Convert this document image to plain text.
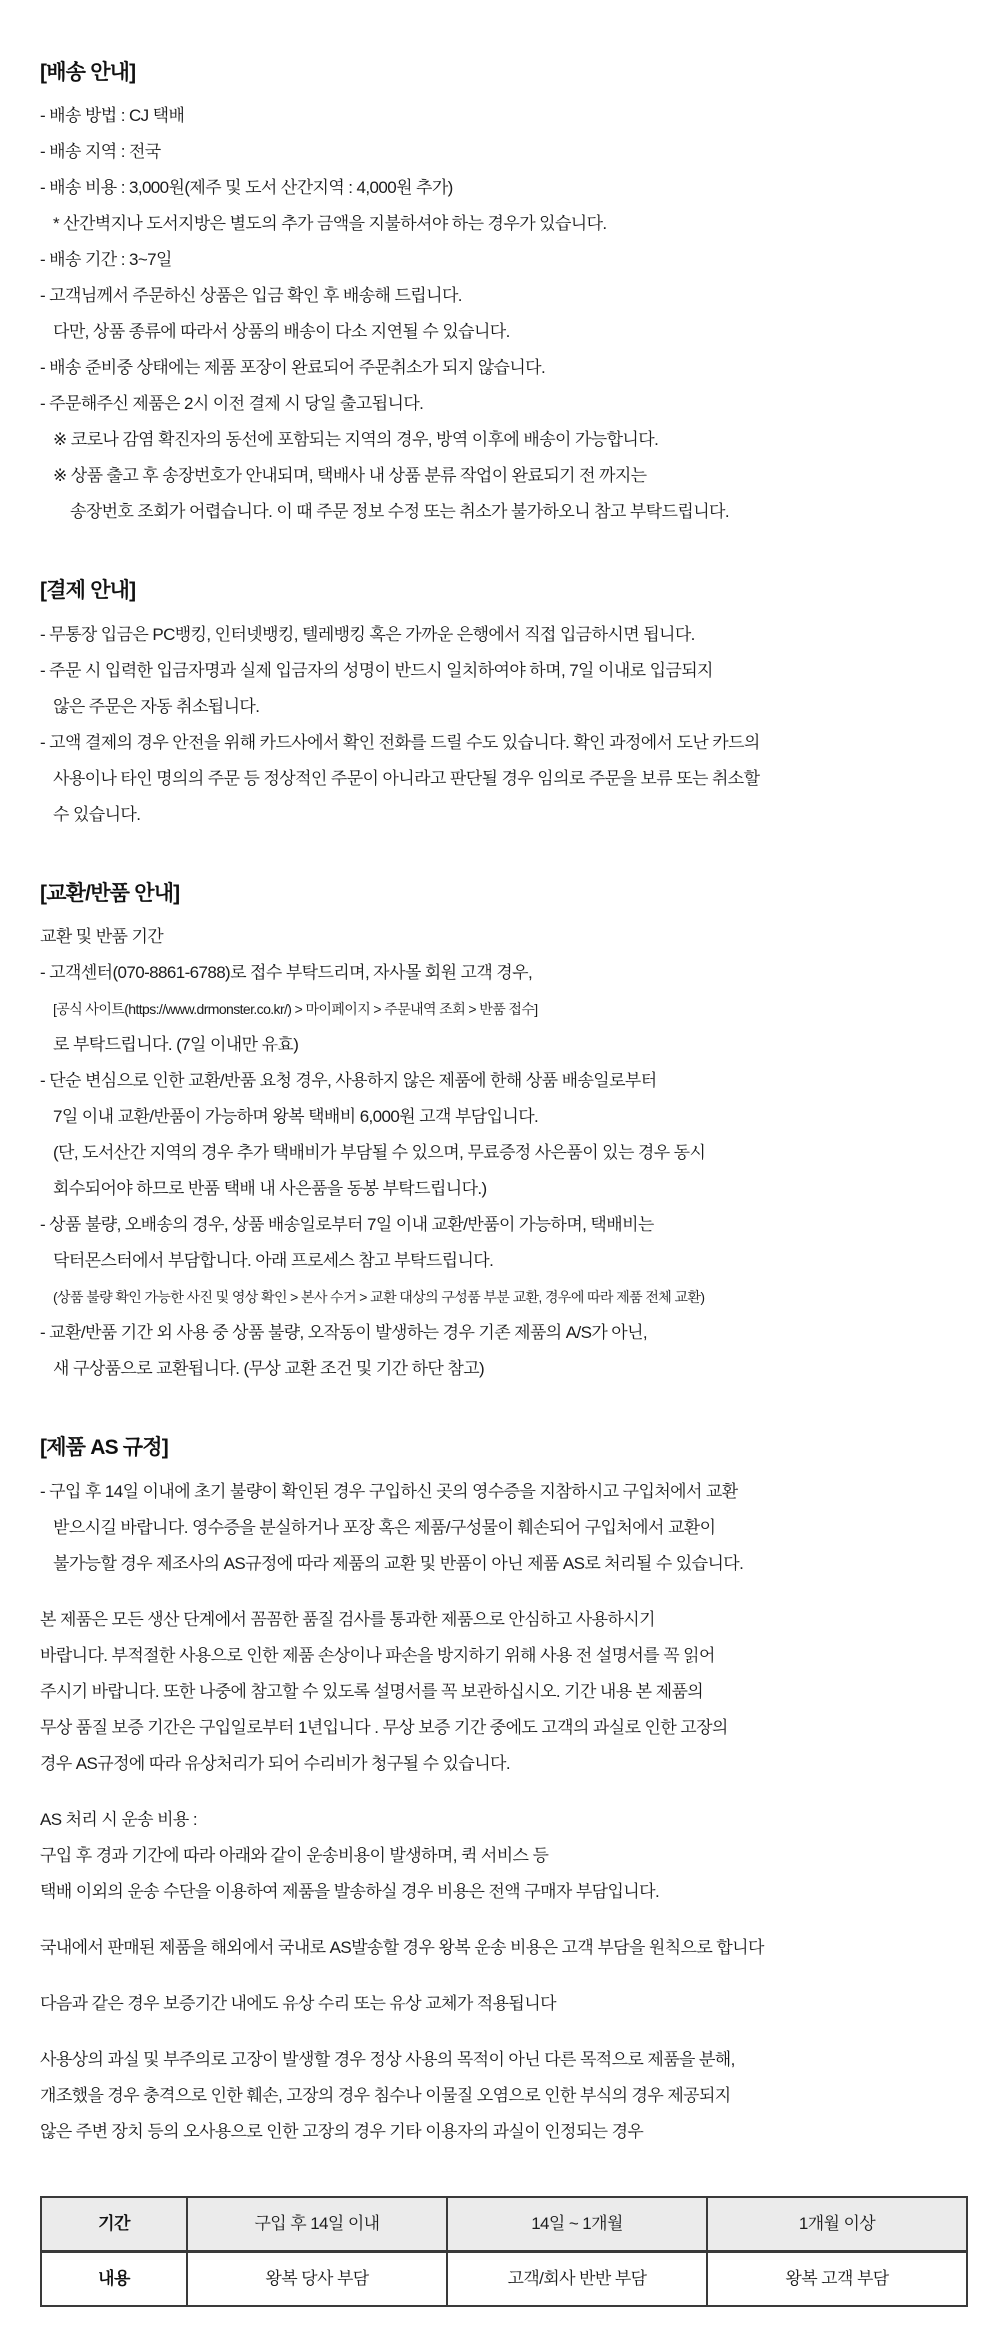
[배송 안내]

- 배송 방법 : CJ 택배

- 배송 지역 : 전국

- 배송 비용 : 3,000원(제주 및 도서 산간지역 : 4,000원 추가)

* 산간벽지나 도서지방은 별도의 추가 금액을 지불하셔야 하는 경우가 있습니다.

- 배송 기간 : 3~7일

- 고객님께서 주문하신 상품은 입금 확인 후 배송해 드립니다.

다만, 상품 종류에 따라서 상품의 배송이 다소 지연될 수 있습니다.

- 배송 준비중 상태에는 제품 포장이 완료되어 주문취소가 되지 않습니다.

- 주문해주신 제품은 2시 이전 결제 시 당일 출고됩니다.

※ 코로나 감염 확진자의 동선에 포함되는 지역의 경우, 방역 이후에 배송이 가능합니다.

※ 상품 출고 후 송장번호가 안내되며, 택배사 내 상품 분류 작업이 완료되기 전 까지는

송장번호 조회가 어렵습니다. 이 때 주문 정보 수정 또는 취소가 불가하오니 참고 부탁드립니다.

[결제 안내]

- 무통장 입금은 PC뱅킹, 인터넷뱅킹, 텔레뱅킹 혹은 가까운 은행에서 직접 입금하시면 됩니다.

- 주문 시 입력한 입금자명과 실제 입금자의 성명이 반드시 일치하여야 하며, 7일 이내로 입금되지

않은 주문은 자동 취소됩니다.

- 고액 결제의 경우 안전을 위해 카드사에서 확인 전화를 드릴 수도 있습니다. 확인 과정에서 도난 카드의

사용이나 타인 명의의 주문 등 정상적인 주문이 아니라고 판단될 경우 임의로 주문을 보류 또는 취소할

수 있습니다.

[교환/반품 안내]

교환 및 반품 기간

- 고객센터(070-8861-6788)로 접수 부탁드리며, 자사몰 회원 고객 경우,

[공식 사이트(https://www.drmonster.co.kr/) > 마이페이지 > 주문내역 조회 > 반품 접수]

로 부탁드립니다. (7일 이내만 유효)

- 단순 변심으로 인한 교환/반품 요청 경우, 사용하지 않은 제품에 한해 상품 배송일로부터

7일 이내 교환/반품이 가능하며 왕복 택배비 6,000원 고객 부담입니다.

(단, 도서산간 지역의 경우 추가 택배비가 부담될 수 있으며, 무료증정 사은품이 있는 경우 동시

회수되어야 하므로 반품 택배 내 사은품을 동봉 부탁드립니다.)

- 상품 불량, 오배송의 경우, 상품 배송일로부터 7일 이내 교환/반품이 가능하며, 택배비는

닥터몬스터에서 부담합니다. 아래 프로세스 참고 부탁드립니다.

(상품 불량 확인 가능한 사진 및 영상 확인 > 본사 수거 > 교환 대상의 구성품 부분 교환, 경우에 따라 제품 전체 교환)

- 교환/반품 기간 외 사용 중 상품 불량, 오작동이 발생하는 경우 기존 제품의 A/S가 아닌,

새 구상품으로 교환됩니다. (무상 교환 조건 및 기간 하단 참고)

[제품 AS 규정]

- 구입 후 14일 이내에 초기 불량이 확인된 경우 구입하신 곳의 영수증을 지참하시고 구입처에서 교환

받으시길 바랍니다. 영수증을 분실하거나 포장 혹은 제품/구성물이 훼손되어 구입처에서 교환이

불가능할 경우 제조사의 AS규정에 따라 제품의 교환 및 반품이 아닌 제품 AS로 처리될 수 있습니다.

본 제품은 모든 생산 단계에서 꼼꼼한 품질 검사를 통과한 제품으로 안심하고 사용하시기

바랍니다. 부적절한 사용으로 인한 제품 손상이나 파손을 방지하기 위해 사용 전 설명서를 꼭 읽어

주시기 바랍니다. 또한 나중에 참고할 수 있도록 설명서를 꼭 보관하십시오. 기간 내용 본 제품의

무상 품질 보증 기간은 구입일로부터 1년입니다 . 무상 보증 기간 중에도 고객의 과실로 인한 고장의

경우 AS규정에 따라 유상처리가 되어 수리비가 청구될 수 있습니다.

AS 처리 시 운송 비용 :

구입 후 경과 기간에 따라 아래와 같이 운송비용이 발생하며, 퀵 서비스 등

택배 이외의 운송 수단을 이용하여 제품을 발송하실 경우 비용은 전액 구매자 부담입니다.

국내에서 판매된 제품을 해외에서 국내로 AS발송할 경우 왕복 운송 비용은 고객 부담을 원칙으로 합니다

다음과 같은 경우 보증기간 내에도 유상 수리 또는 유상 교체가 적용됩니다

사용상의 과실 및 부주의로 고장이 발생할 경우 정상 사용의 목적이 아닌 다른 목적으로 제품을 분해,

개조했을 경우 충격으로 인한 훼손, 고장의 경우 침수나 이물질 오염으로 인한 부식의 경우 제공되지

않은 주변 장치 등의 오사용으로 인한 고장의 경우 기타 이용자의 과실이 인정되는 경우

기간	구입 후 14일 이내	14일 ~ 1개월	1개월 이상
내용	왕복 당사 부담	고객/회사 반반 부담	왕복 고객 부담
